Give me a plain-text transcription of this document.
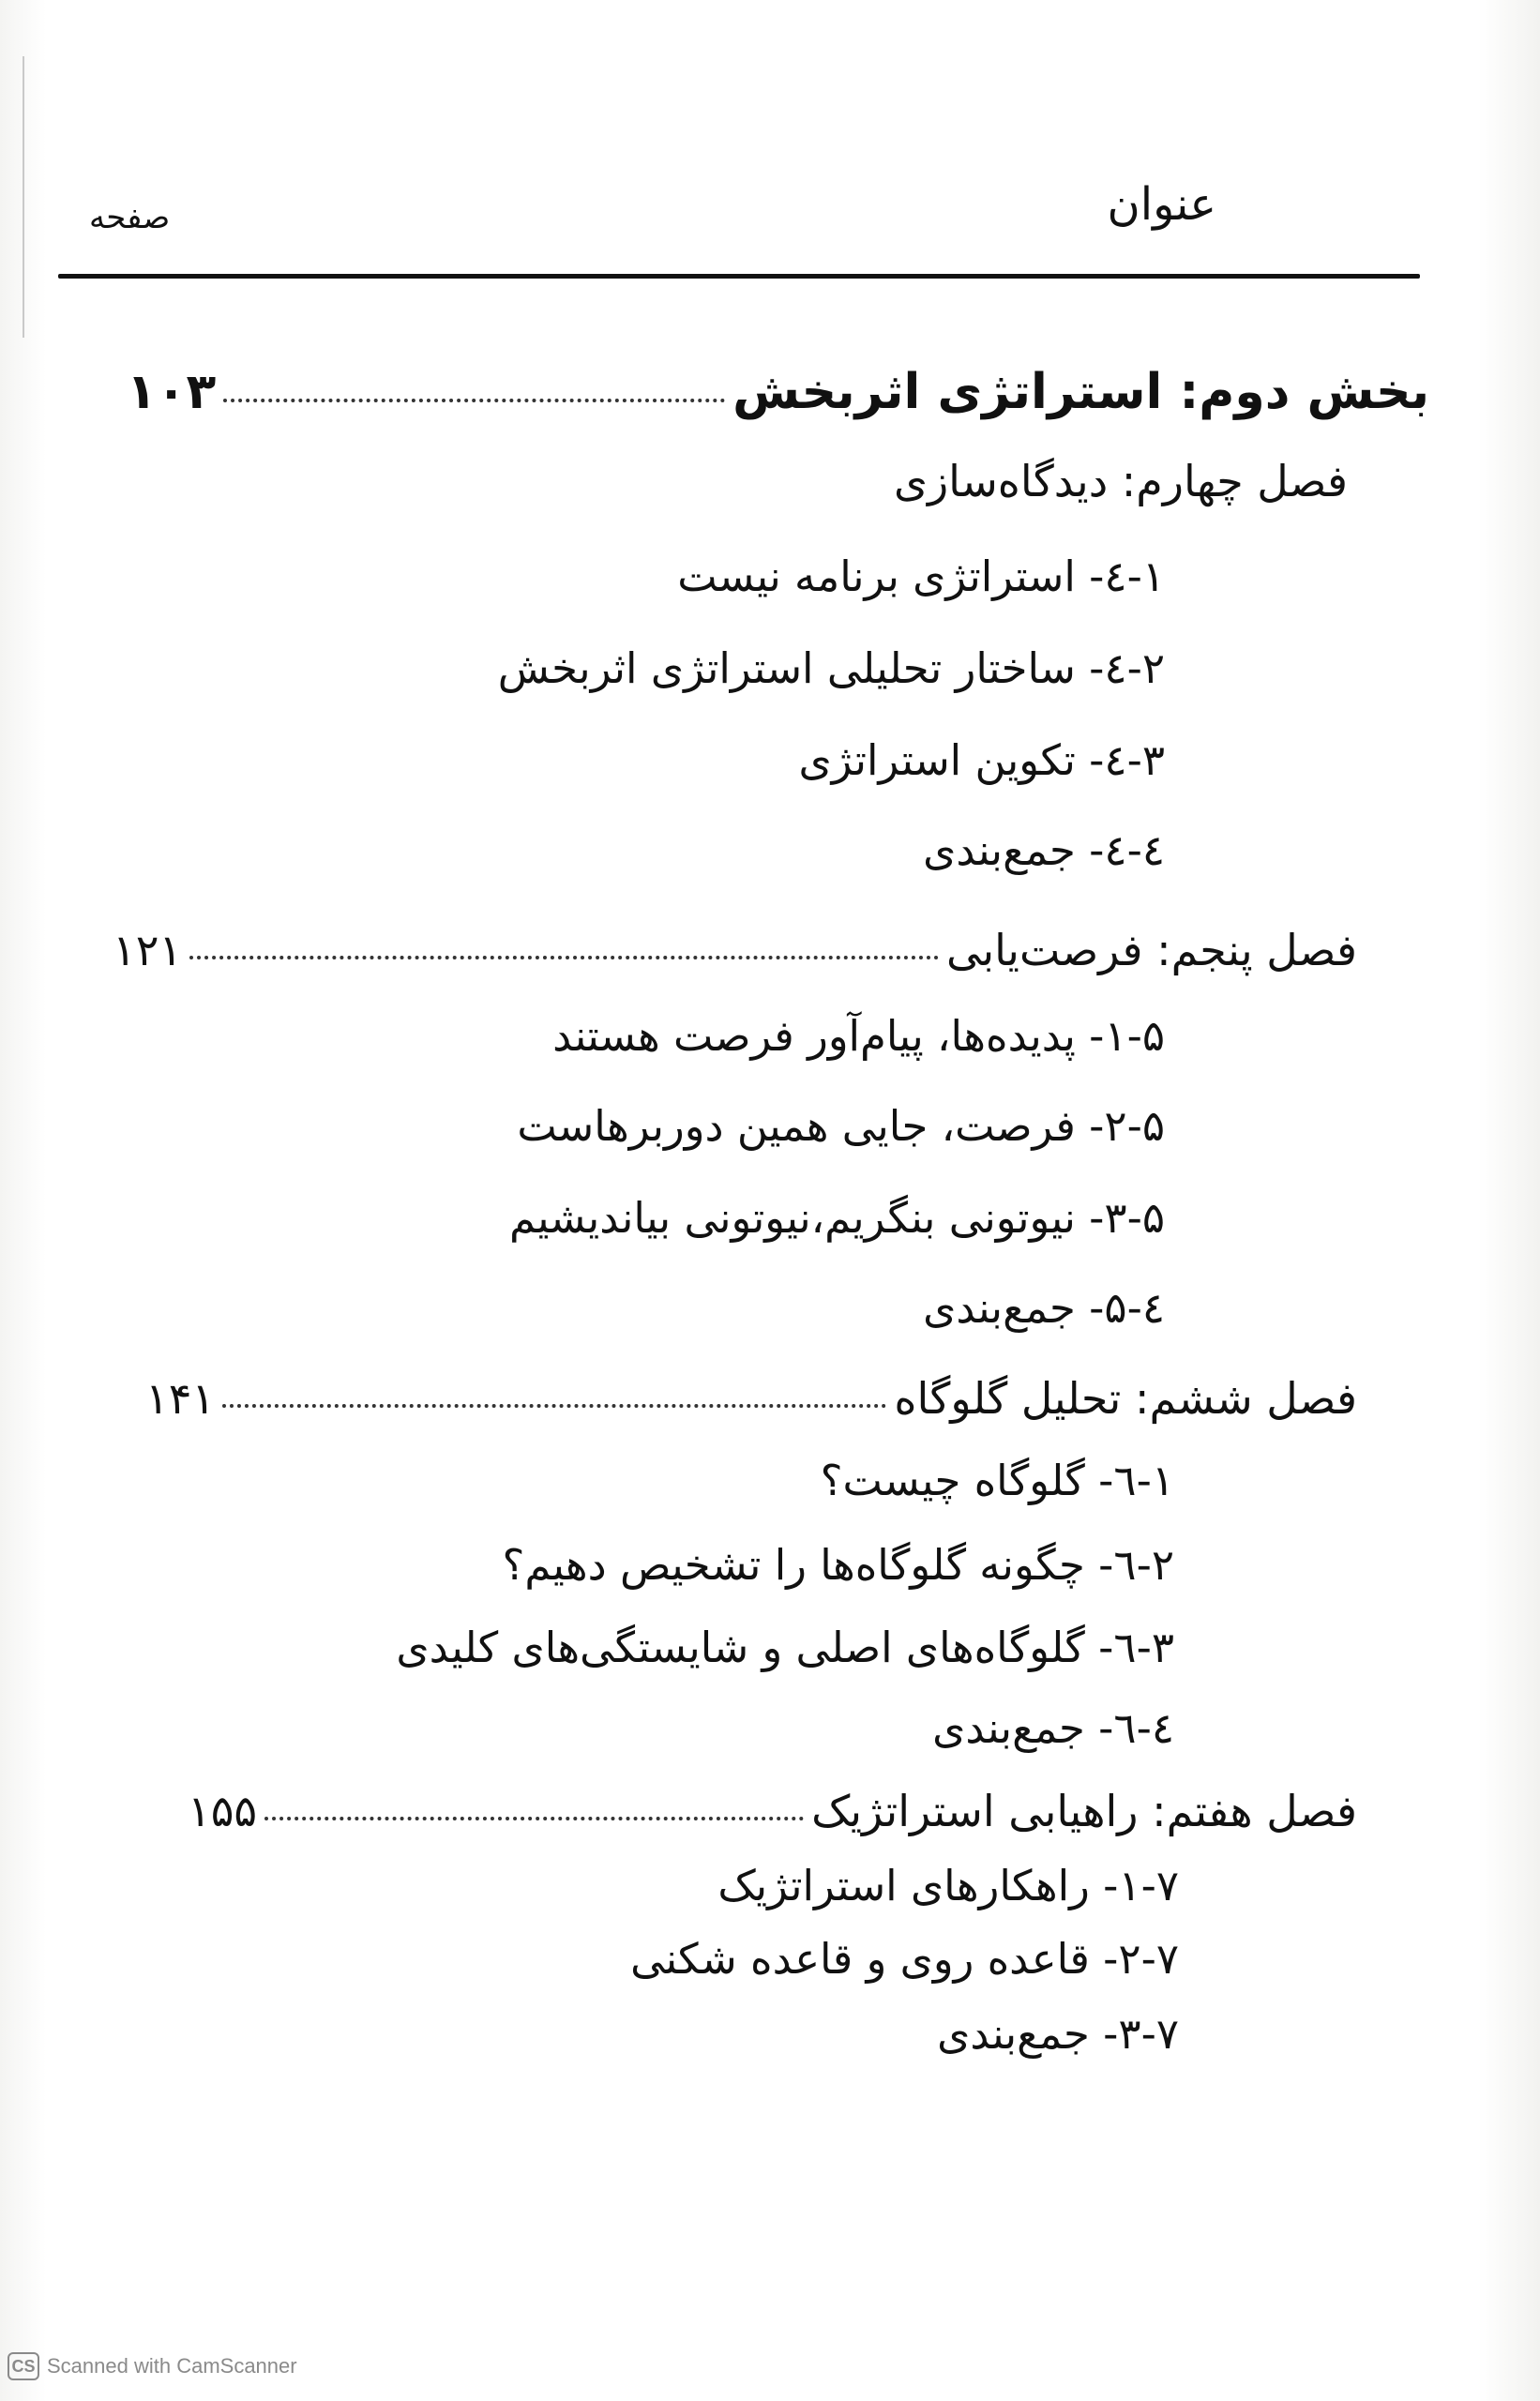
عنوان
صفحه
بخش دوم: استراتژی اثربخش
۱۰۳
فصل چهارم: دیدگاه‌سازی
۱-٤- استراتژی برنامه نیست
۲-٤- ساختار تحلیلی استراتژی اثربخش
۳-٤- تکوین استراتژی
٤-٤- جمع‌بندی
فصل پنجم: فرصت‌یابی
۱۲۱
۱-۵- پدیده‌ها، پیام‌آور فرصت هستند
۲-۵- فرصت، جایی همین دوربرهاست
۳-۵- نیوتونی بنگریم،نیوتونی بیاندیشیم
٤-۵- جمع‌بندی
فصل ششم: تحلیل گلوگاه
۱۴۱
۱-٦- گلوگاه چیست؟
۲-٦- چگونه گلوگاه‌ها را تشخیص دهیم؟
۳-٦- گلوگاه‌های اصلی و شایستگی‌های کلیدی
٤-٦- جمع‌بندی
فصل هفتم: راهیابی استراتژیک
۱۵۵
۱-۷- راهکارهای استراتژیک
۲-۷- قاعده روی و قاعده شکنی
۳-۷- جمع‌بندی
CS Scanned with CamScanner
